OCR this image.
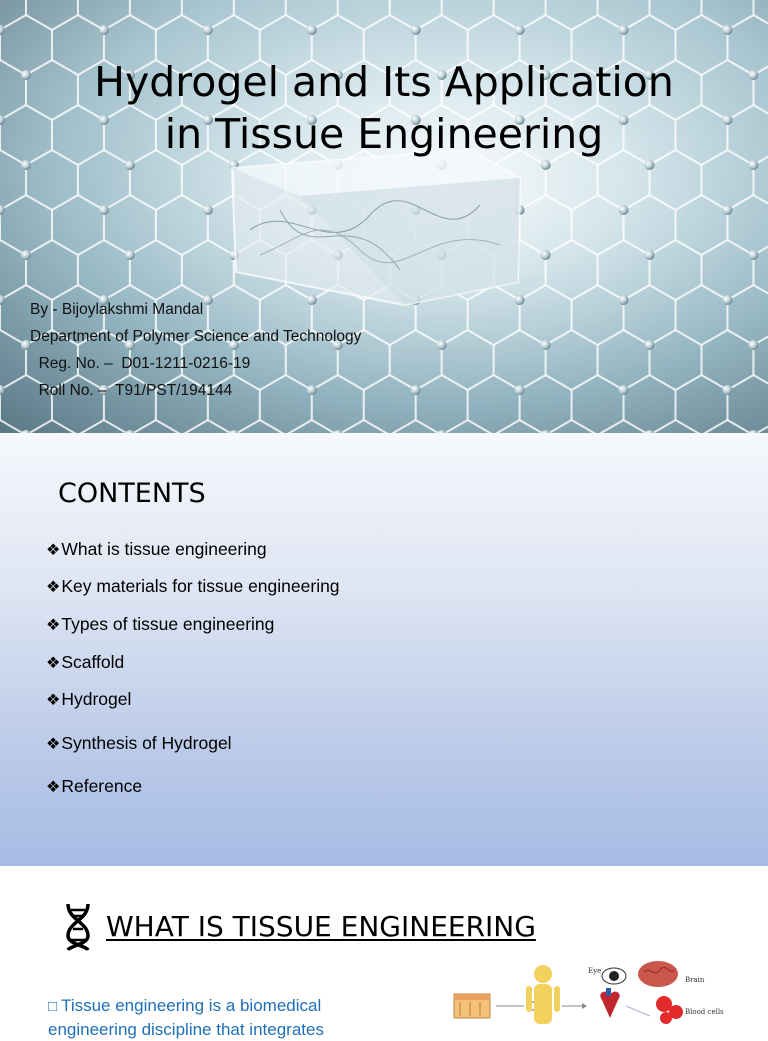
Hydrogel and Its Application in Tissue Engineering
By - Bijoylakshmi Mandal
Department of Polymer Science and Technology
Reg. No. –  D01-1211-0216-19
Roll No. –  T91/PST/194144
CONTENTS
❖What is tissue engineering
❖Key materials for tissue engineering
❖Types of tissue engineering
❖Scaffold
❖Hydrogel
❖Synthesis of Hydrogel
❖Reference
WHAT IS TISSUE ENGINEERING
□ Tissue engineering is a biomedical engineering discipline that integrates
Eye
Brain
Blood cells
